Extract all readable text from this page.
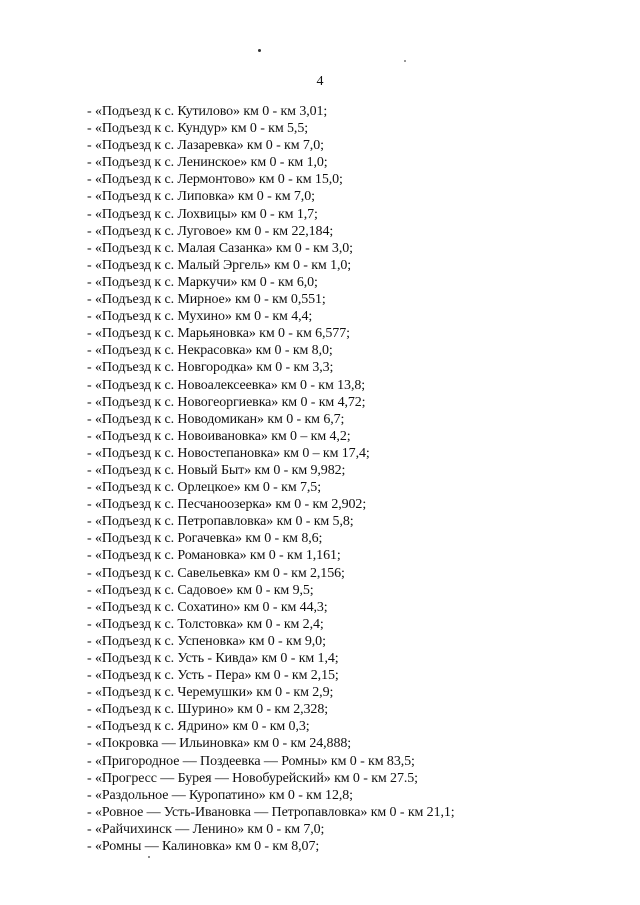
4
- «Подъезд к с. Кутилово» км 0 - км 3,01;
- «Подъезд к с. Кундур» км 0 - км 5,5;
- «Подъезд к с. Лазаревка» км 0 - км 7,0;
- «Подъезд к с. Ленинское» км 0 - км 1,0;
- «Подъезд к с. Лермонтово» км 0 - км 15,0;
- «Подъезд к с. Липовка» км 0 - км 7,0;
- «Подъезд к с. Лохвицы» км 0 - км 1,7;
- «Подъезд к с. Луговое» км 0 - км 22,184;
- «Подъезд к с. Малая Сазанка» км 0 - км 3,0;
- «Подъезд к с. Малый Эргель» км 0 - км 1,0;
- «Подъезд к с. Маркучи» км 0 - км 6,0;
- «Подъезд к с. Мирное» км 0 - км 0,551;
- «Подъезд к с. Мухино» км 0 - км 4,4;
- «Подъезд к с. Марьяновка» км 0 - км 6,577;
- «Подъезд к с. Некрасовка» км 0 - км 8,0;
- «Подъезд к с. Новгородка» км 0 - км 3,3;
- «Подъезд к с. Новоалексеевка» км 0 - км 13,8;
- «Подъезд к с. Новогеоргиевка» км 0 - км 4,72;
- «Подъезд к с. Новодомикан» км 0 - км 6,7;
- «Подъезд к с. Новоивановка» км 0 – км 4,2;
- «Подъезд к с. Новостепановка» км 0 – км 17,4;
- «Подъезд к с. Новый Быт» км 0 - км 9,982;
- «Подъезд к с. Орлецкое» км 0 - км 7,5;
- «Подъезд к с. Песчаноозерка» км 0 - км 2,902;
- «Подъезд к с. Петропавловка» км 0 - км 5,8;
- «Подъезд к с. Рогачевка» км 0 - км 8,6;
- «Подъезд к с. Романовка» км 0 - км 1,161;
- «Подъезд к с. Савельевка» км 0 - км 2,156;
- «Подъезд к с. Садовое» км 0 - км 9,5;
- «Подъезд к с. Сохатино» км 0 - км 44,3;
- «Подъезд к с. Толстовка» км 0 - км 2,4;
- «Подъезд к с. Успеновка» км 0 - км 9,0;
- «Подъезд к с. Усть - Кивда» км 0 - км 1,4;
- «Подъезд к с. Усть - Пера» км 0 - км 2,15;
- «Подъезд к с. Черемушки» км 0 - км 2,9;
- «Подъезд к с. Шурино» км 0 - км 2,328;
- «Подъезд к с. Ядрино» км 0 - км 0,3;
- «Покровка — Ильиновка» км 0 - км 24,888;
- «Пригородное — Поздеевка — Ромны» км 0 - км 83,5;
- «Прогресс — Бурея — Новобурейский» км 0 - км 27.5;
- «Раздольное — Куропатино» км 0 - км 12,8;
- «Ровное — Усть-Ивановка — Петропавловка» км 0 - км 21,1;
- «Райчихинск — Ленино» км 0 - км 7,0;
- «Ромны — Калиновка» км 0 - км 8,07;
